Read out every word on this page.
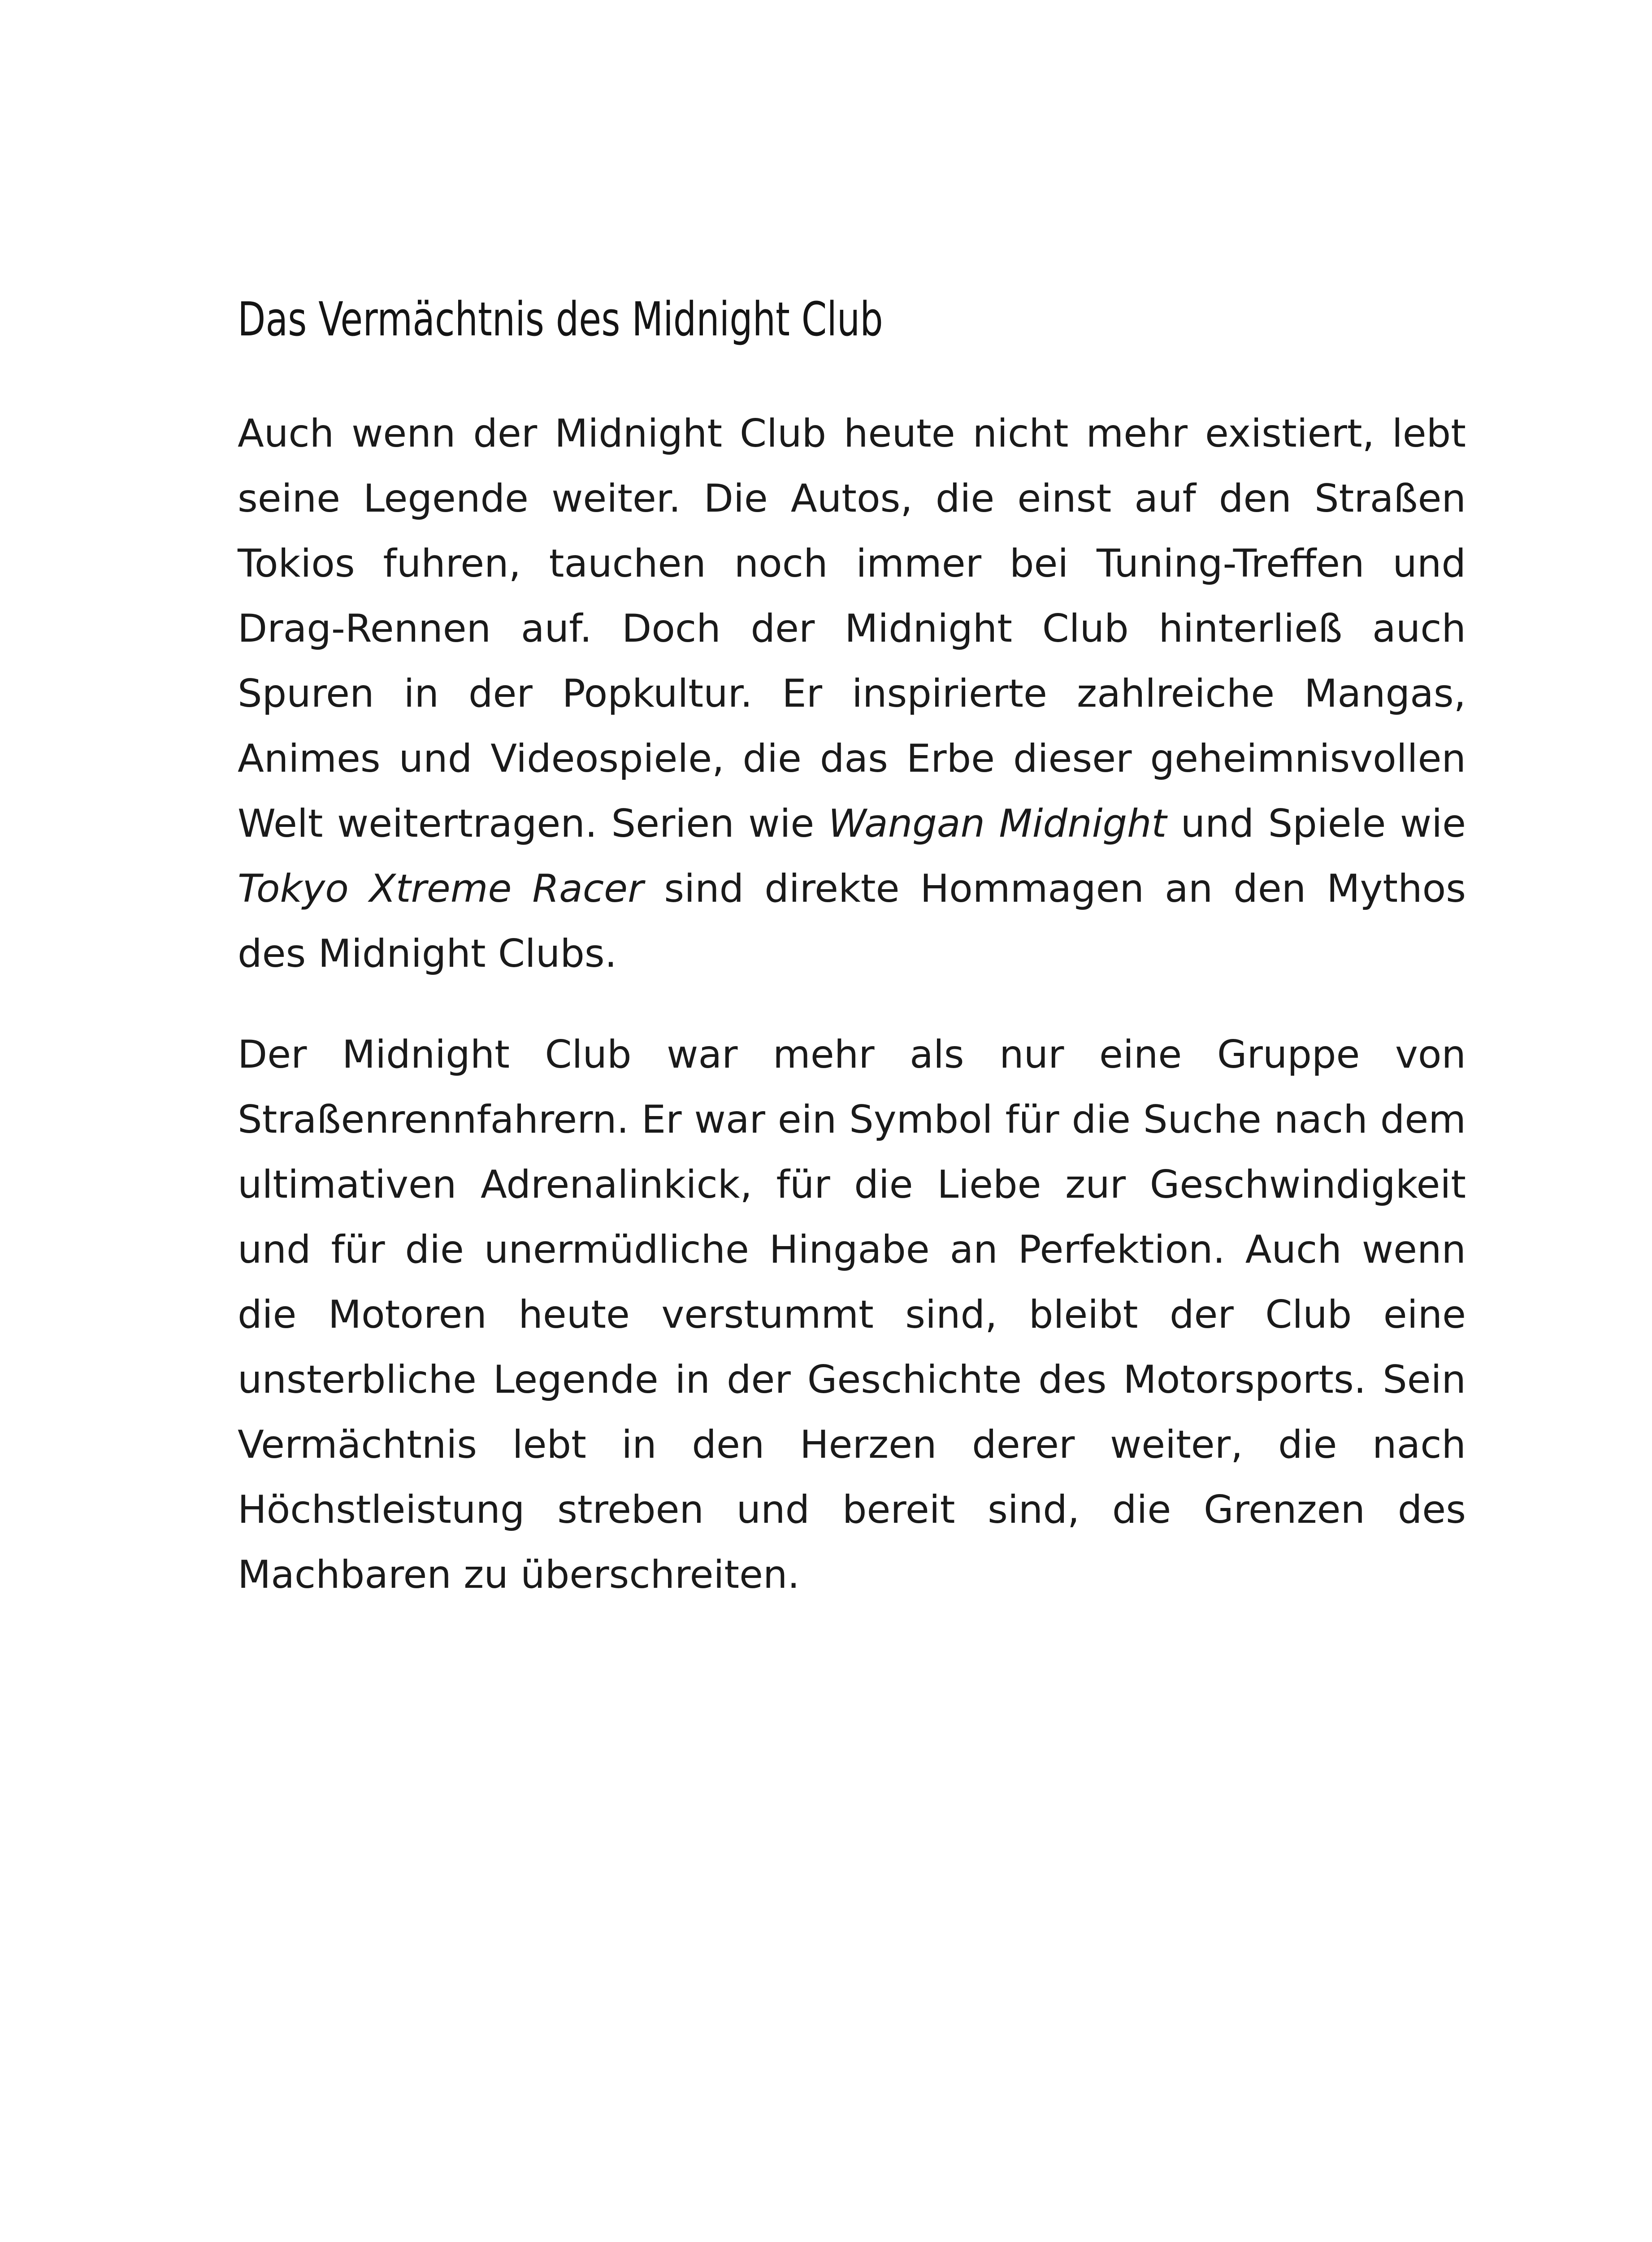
Das Vermächtnis des Midnight Club

Auch wenn der Midnight Club heute nicht mehr existiert, lebt seine Legende weiter. Die Autos, die einst auf den Straßen Tokios fuhren, tauchen noch immer bei Tuning-Treffen und Drag-Rennen auf. Doch der Midnight Club hinterließ auch Spuren in der Popkultur. Er inspirierte zahlreiche Mangas, Animes und Videospiele, die das Erbe dieser geheimnisvollen Welt weitertragen. Serien wie Wangan Midnight und Spiele wie Tokyo Xtreme Racer sind direkte Hommagen an den Mythos des Midnight Clubs.

Der Midnight Club war mehr als nur eine Gruppe von Straßenrennfahrern. Er war ein Symbol für die Suche nach dem ultimativen Adrenalinkick, für die Liebe zur Geschwindigkeit und für die unermüdliche Hingabe an Perfektion. Auch wenn die Motoren heute verstummt sind, bleibt der Club eine unsterbliche Legende in der Geschichte des Motorsports. Sein Vermächtnis lebt in den Herzen derer weiter, die nach Höchstleistung streben und bereit sind, die Grenzen des Machbaren zu überschreiten.
